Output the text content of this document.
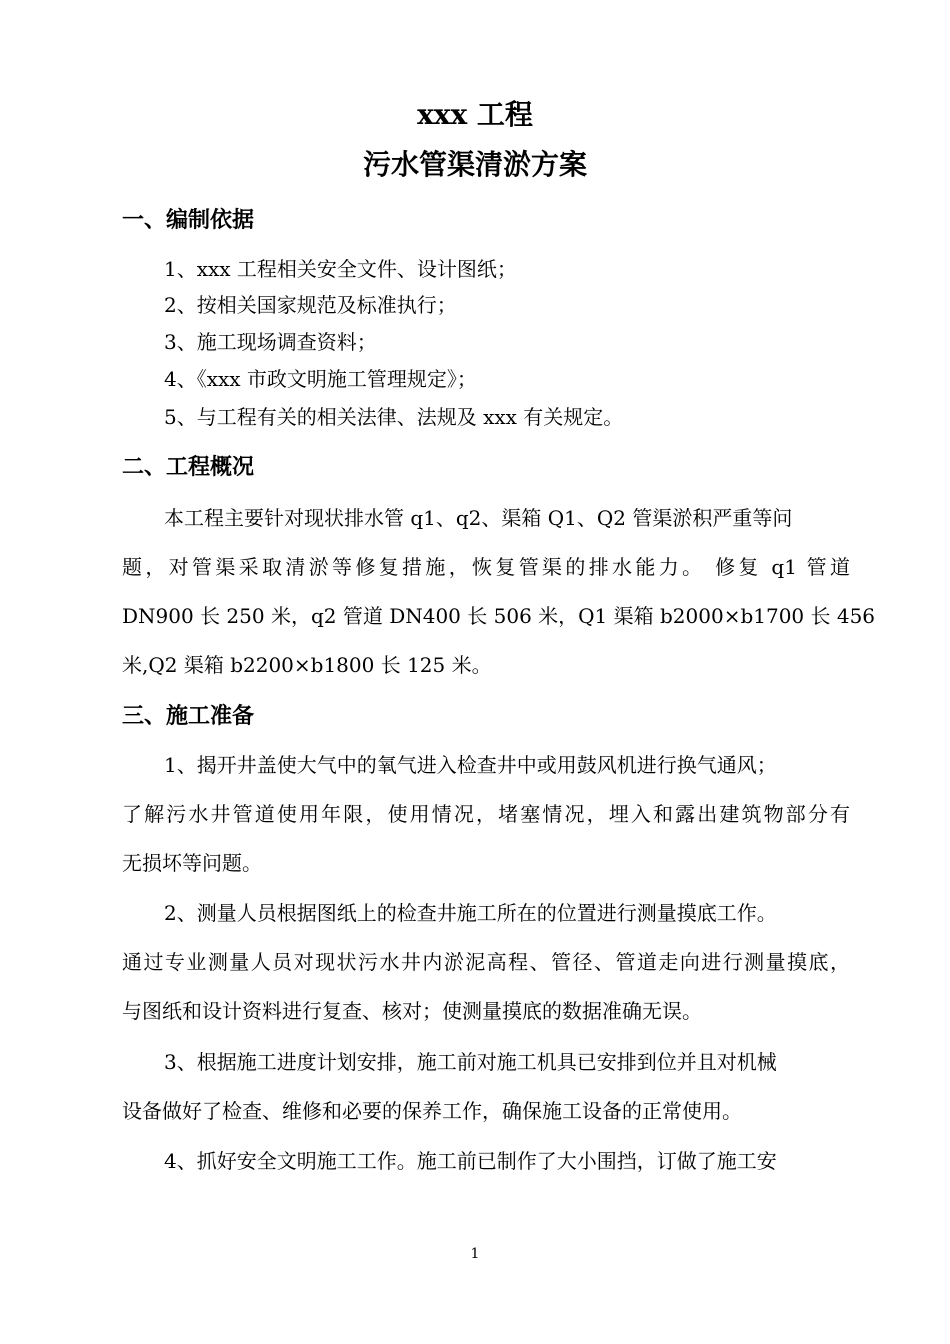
xxx 工程
污水管渠清淤方案
一、编制依据
1、xxx 工程相关安全文件、设计图纸；
2、按相关国家规范及标准执行；
3、施工现场调查资料；
4、《xxx 市政文明施工管理规定》；
5、与工程有关的相关法律、法规及 xxx 有关规定。
二、工程概况
本工程主要针对现状排水管 q1、q2、渠箱 Q1、Q2 管渠淤积严重等问
题，对管渠采取清淤等修复措施，恢复管渠的排水能力。 修复 q1 管道
DN900 长 250 米，q2 管道 DN400 长 506 米，Q1 渠箱 b2000×b1700 长 456
米,Q2 渠箱 b2200×b1800 长 125 米。
三、施工准备
1、揭开井盖使大气中的氧气进入检查井中或用鼓风机进行换气通风；
了解污水井管道使用年限，使用情况，堵塞情况，埋入和露出建筑物部分有
无损坏等问题。
2、测量人员根据图纸上的检查井施工所在的位置进行测量摸底工作。
通过专业测量人员对现状污水井内淤泥高程、管径、管道走向进行测量摸底，
与图纸和设计资料进行复查、核对；使测量摸底的数据准确无误。
3、根据施工进度计划安排，施工前对施工机具已安排到位并且对机械
设备做好了检查、维修和必要的保养工作，确保施工设备的正常使用。
4、抓好安全文明施工工作。施工前已制作了大小围挡，订做了施工安
1
